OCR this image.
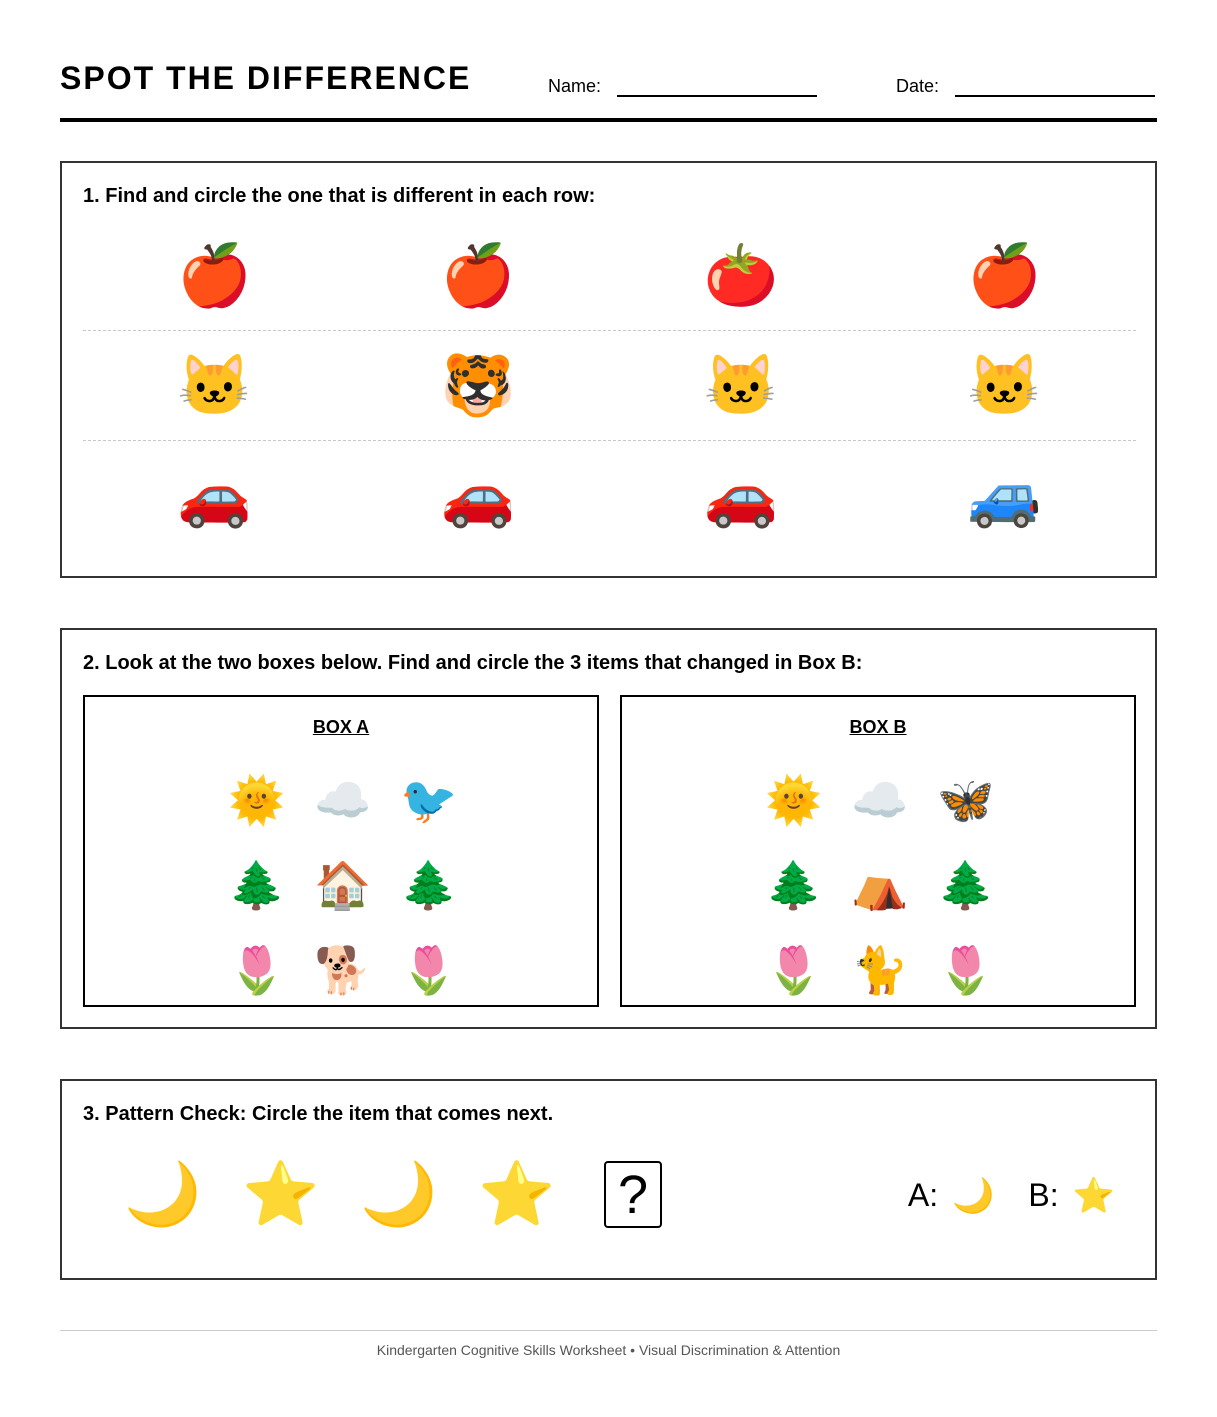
SPOT THE DIFFERENCE	Name:	Date:
1. Find and circle the one that is different in each row:
🍎	🍎	🍅	🍎
🐱	🐯	🐱	🐱
🚗	🚗	🚗	🚙
2. Look at the two boxes below. Find and circle the 3 items that changed in Box B:
BOX A
🌞 ☁️ 🐦
🌲 🏠 🌲
🌷 🐕 🌷
BOX B
🌞 ☁️ 🦋
🌲 ⛺ 🌲
🌷 🐈 🌷
3. Pattern Check: Circle the item that comes next.
🌙 ⭐ 🌙 ⭐	?	A: 🌙 B: ⭐
Kindergarten Cognitive Skills Worksheet • Visual Discrimination & Attention
